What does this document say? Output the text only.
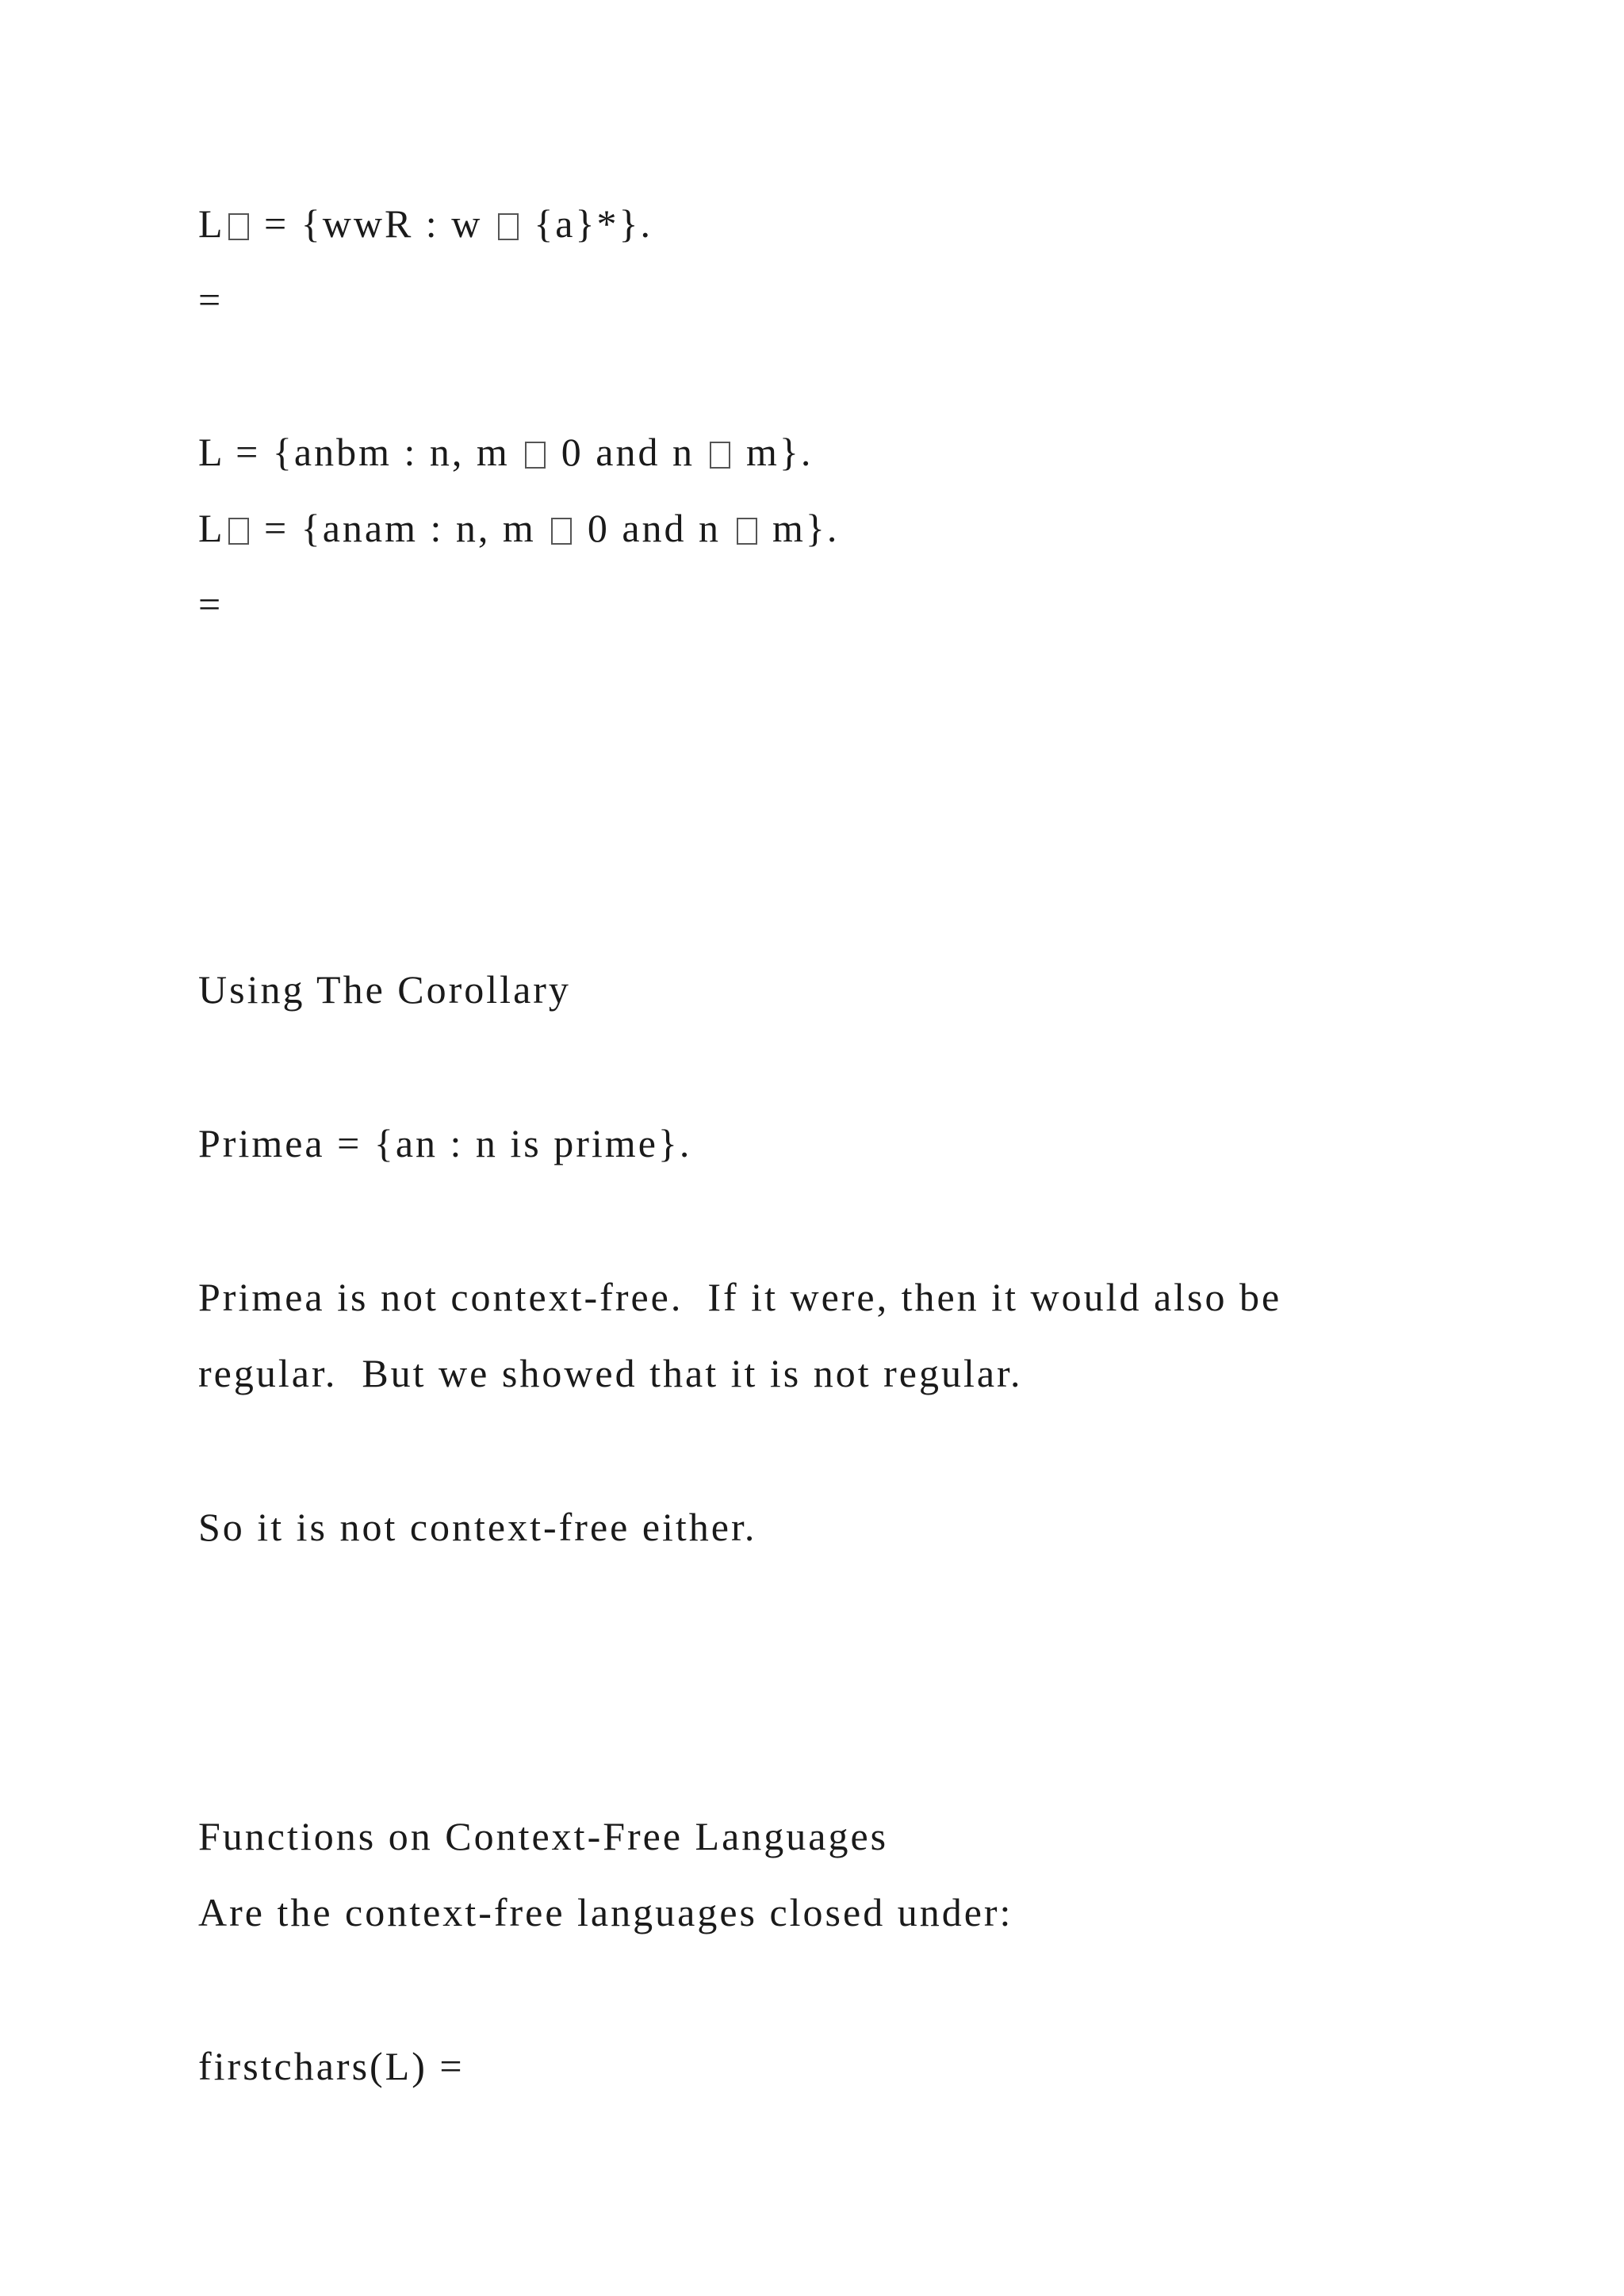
L = {wwR : w  {a}*}.
=
L = {anbm : n, m  0 and n  m}.
L = {anam : n, m  0 and n  m}.
=
Using The Corollary
Primea = {an : n is prime}.
Primea is not context-free.  If it were, then it would also be
regular.  But we showed that it is not regular.
So it is not context-free either.
Functions on Context-Free Languages
Are the context-free languages closed under:
firstchars(L) =
